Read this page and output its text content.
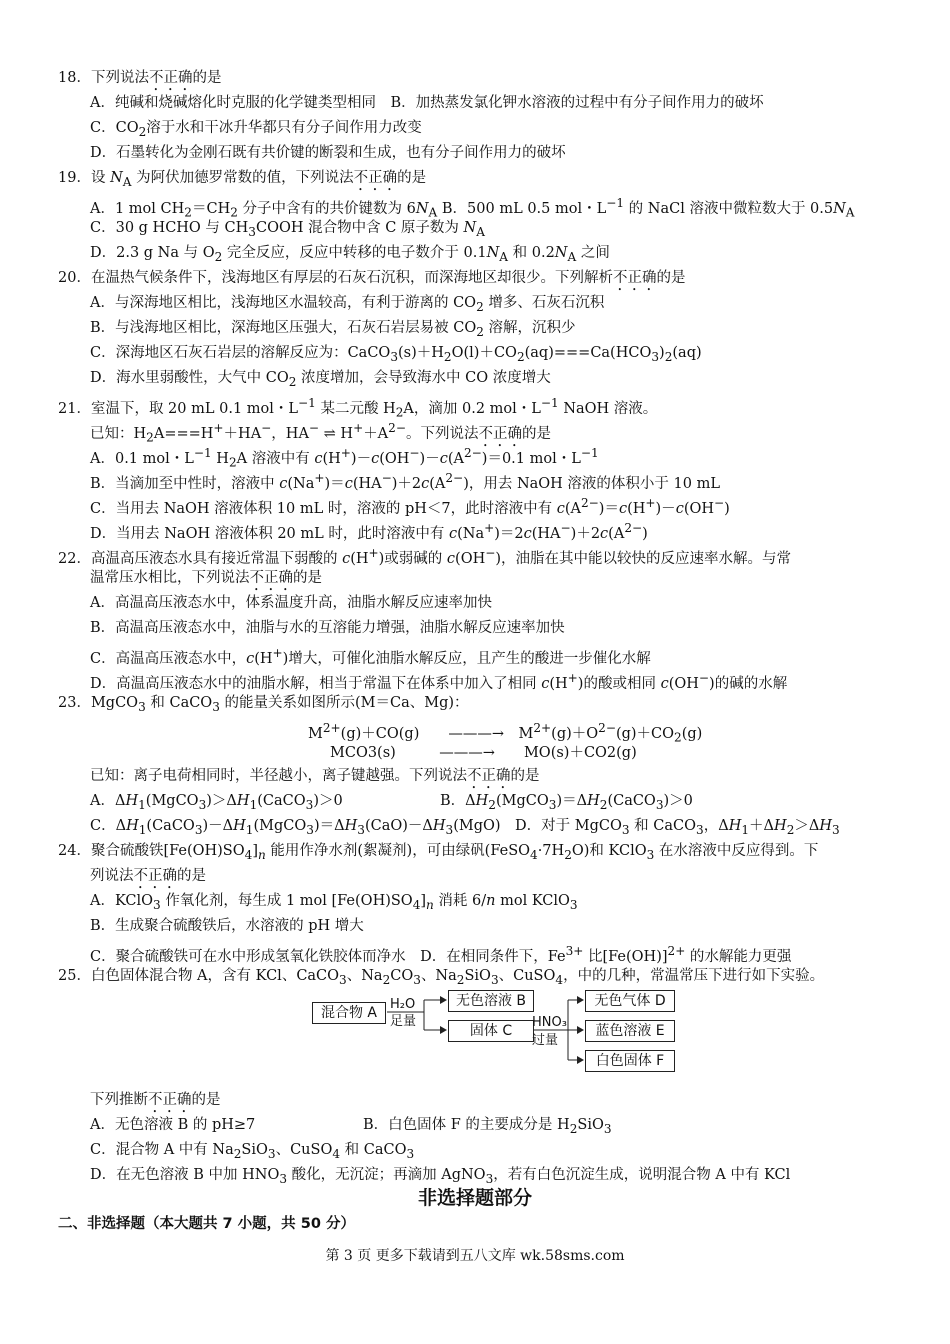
18．下列说法不正确的是
A．纯碱和烧碱熔化时克服的化学键类型相同　B．加热蒸发氯化钾水溶液的过程中有分子间作用力的破坏
C．$CO_2$溶于水和干冰升华都只有分子间作用力改变
D．石墨转化为金刚石既有共价键的断裂和生成，也有分子间作用力的破坏
19．设 $N_A$ 为阿伏加德罗常数的值，下列说法不正确的是
A．1 mol $CH_2=CH_2$ 分子中含有的共价键数为 $6N_A$ B．500 mL 0.5 mol・$L^{-1}$ 的 NaCl 溶液中微粒数大于 $0.5N_A$
C．30 g HCHO 与 $CH_3COOH$ 混合物中含 C 原子数为 $N_A$
D．2.3 g Na 与 $O_2$ 完全反应，反应中转移的电子数介于 $0.1N_A$ 和 $0.2N_A$ 之间
20．在温热气候条件下，浅海地区有厚层的石灰石沉积，而深海地区却很少。下列解析不正确的是
A．与深海地区相比，浅海地区水温较高，有利于游离的 $CO_2$ 增多、石灰石沉积
B．与浅海地区相比，深海地区压强大，石灰石岩层易被 $CO_2$ 溶解，沉积少
C．深海地区石灰石岩层的溶解反应为：$CaCO_3(s)+H_2O(l)+CO_2(aq)===Ca(HCO_3)_2(aq)$
D．海水里弱酸性，大气中 $CO_2$ 浓度增加，会导致海水中 CO 浓度增大
21．室温下，取 20 mL 0.1 mol・$L^{-1}$ 某二元酸 $H_2A$，滴加 0.2 mol・$L^{-1}$ NaOH 溶液。
已知：$H_2A===H^++HA^-$，HA− ⇌ $H^++A^{2-}$。下列说法不正确的是
A．0.1 mol・$L^{-1}$ $H_2A$ 溶液中有 $c(H^+)-c(OH^-)-c(A^{2-})=0.1$ mol・$L^{-1}$
B．当滴加至中性时，溶液中 $c(Na^+)=c(HA^-)+2c(A^{2-})$，用去 NaOH 溶液的体积小于 10 mL
C．当用去 NaOH 溶液体积 10 mL 时，溶液的 pH＜7，此时溶液中有 $c(A^{2-})=c(H^+)-c(OH^-)$
D．当用去 NaOH 溶液体积 20 mL 时，此时溶液中有 $c(Na^+)=2c(HA^-)+2c(A^{2-})$
22．高温高压液态水具有接近常温下弱酸的 c(H+)或弱碱的 c(OH−)，油脂在其中能以较快的反应速率水解。与常
温常压水相比，下列说法不正确的是
A．高温高压液态水中，体系温度升高，油脂水解反应速率加快
B．高温高压液态水中，油脂与水的互溶能力增强，油脂水解反应速率加快
C．高温高压液态水中，c(H+)增大，可催化油脂水解反应，且产生的酸进一步催化水解
D．高温高压液态水中的油脂水解，相当于常温下在体系中加入了相同 c(H+)的酸或相同 c(OH−)的碱的水解
23．MgCO$_3$ 和 CaCO$_3$ 的能量关系如图所示(M＝Ca、Mg)：
$M^{2+}(g)+CO(g)$　　———→　$M^{2+}(g)+O^{2-}(g)+CO_2(g)$
MCO3(s)　　　———→　　MO(s)＋CO2(g)
已知：离子电荷相同时，半径越小，离子键越强。下列说法不正确的是
A．$\Delta H_1(MgCO_3)>\Delta H_1(CaCO_3)>0$
C．$\Delta H_1(CaCO_3)-\Delta H_1(MgCO_3)=\Delta H_3(CaO)-\Delta H_3(MgO)$　D．对于 MgCO$_3$ 和 CaCO$_3$，$\Delta H_1+\Delta H_2>\Delta H_3$
24．聚合硫酸铁$[Fe(OH)SO_4]_n$ 能用作净水剂(絮凝剂)，可由绿矾$(FeSO_4\cdot 7H_2O)$和 KClO$_3$ 在水溶液中反应得到。下
列说法不正确的是
A．KClO$_3$ 作氧化剂，每生成 1 mol $[Fe(OH)SO_4]_n$ 消耗 6/n mol KClO$_3$
B．生成聚合硫酸铁后，水溶液的 pH 增大
C．聚合硫酸铁可在水中形成氢氧化铁胶体而净水　D．在相同条件下，$Fe^{3+}$ 比$[Fe(OH)]^{2+}$ 的水解能力更强
25．白色固体混合物 A，含有 KCl、CaCO$_3$、$Na_2CO_3$、$Na_2SiO_3$、CuSO$_4$，中的几种，常温常压下进行如下实验。
下列推断不正确的是
A．无色溶液 B 的 pH≥7
C．混合物 A 中有 $Na_2SiO_3$、CuSO$_4$ 和 CaCO$_3$
D．在无色溶液 B 中加 $HNO_3$ 酸化，无沉淀；再滴加 AgNO$_3$，若有白色沉淀生成，说明混合物 A 中有 KCl
B．$\Delta H_2(MgCO_3)=\Delta H_2(CaCO_3)>0$
B．白色固体 F 的主要成分是 $H_2SiO_3$
混合物 A
H₂O
足量
无色溶液 B
固体 C
HNO₃
过量
无色气体 D
蓝色溶液 E
白色固体 F
非选择题部分
二、非选择题（本大题共 7 小题，共 50 分）
第 3 页 更多下载请到五八文库 wk.58sms.com
